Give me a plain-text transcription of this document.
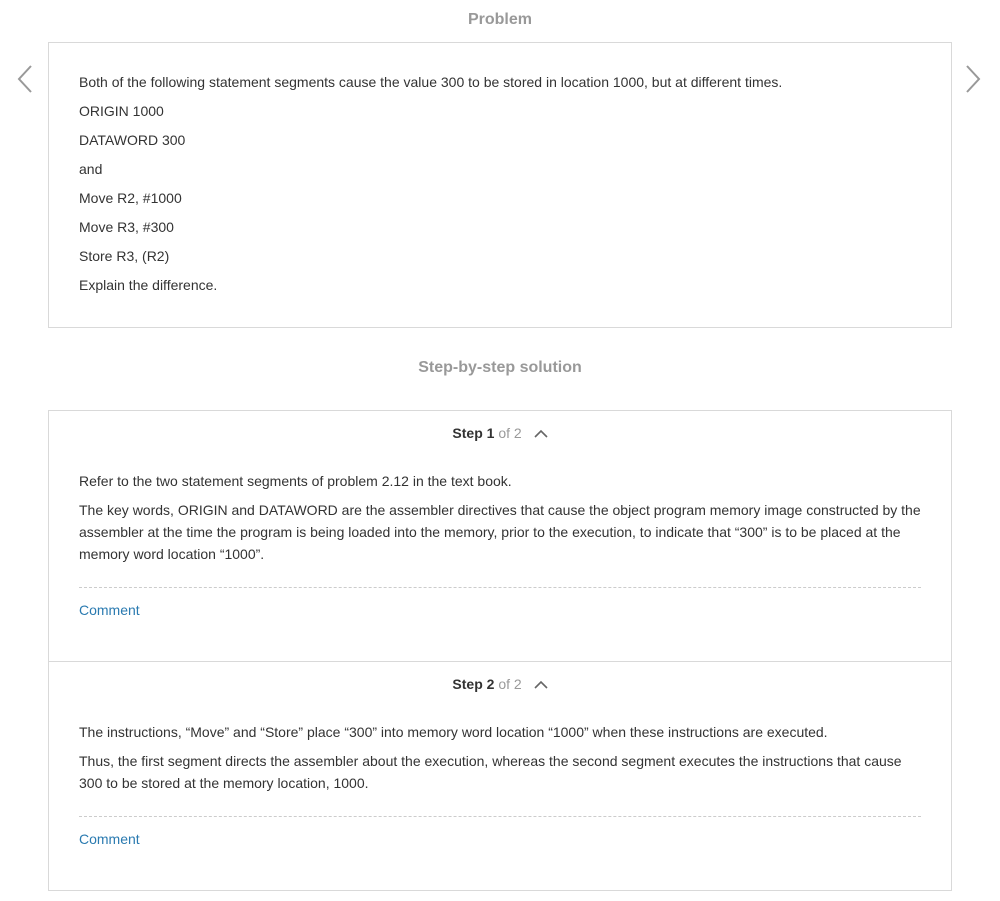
Problem

Both of the following statement segments cause the value 300 to be stored in location 1000, but at different times.

ORIGIN 1000

DATAWORD 300

and

Move R2, #1000

Move R3, #300

Store R3, (R2)

Explain the difference.

Step-by-step solution
Step 1 of 2

Refer to the two statement segments of problem 2.12 in the text book.

The key words, ORIGIN and DATAWORD are the assembler directives that cause the object program memory image constructed by the assembler at the time the program is being loaded into the memory, prior to the execution, to indicate that “300” is to be placed at the memory word location “1000”.

Comment
Step 2 of 2

The instructions, “Move” and “Store” place “300” into memory word location “1000” when these instructions are executed.

Thus, the first segment directs the assembler about the execution, whereas the second segment executes the instructions that cause 300 to be stored at the memory location, 1000.

Comment
